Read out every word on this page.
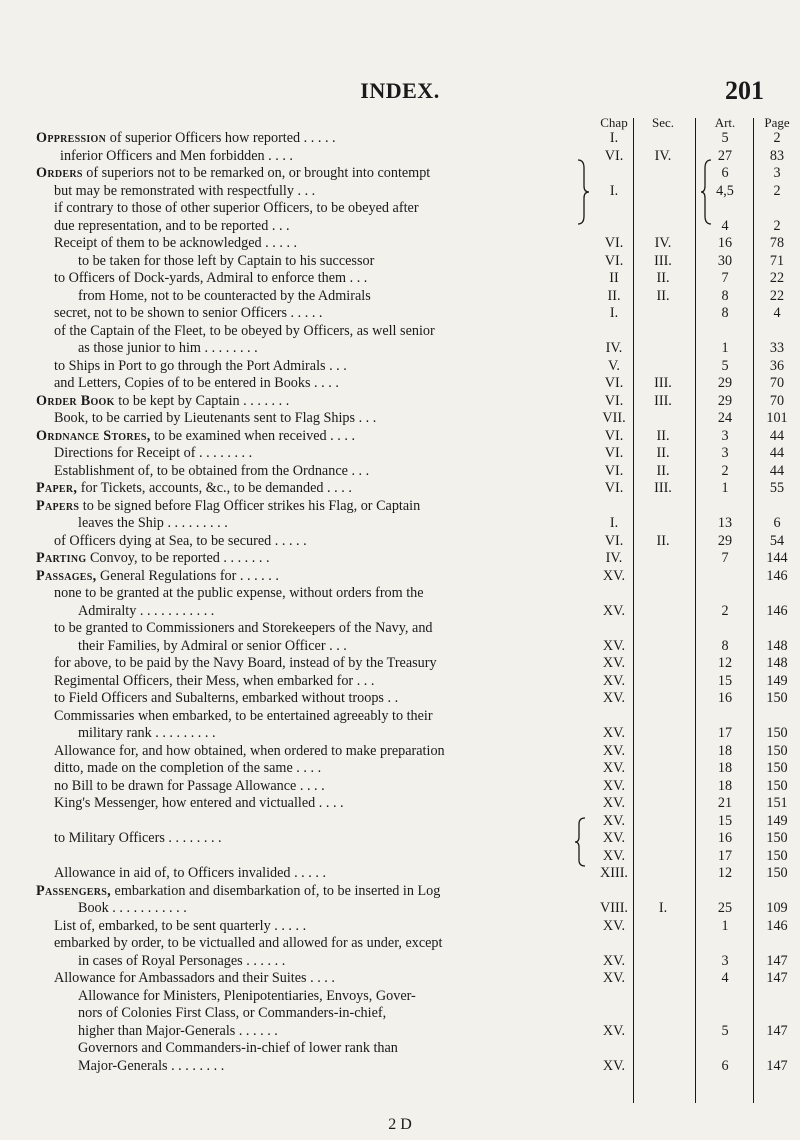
INDEX.	201
Chap	Sec.	Art.	Page
Oppression of superior Officers how reported . . . . .	I.	5	2
inferior Officers and Men forbidden . . . .	VI.	IV.	27	83
Orders of superiors not to be remarked on, or brought into contempt	6	3
but may be remonstrated with respectfully . . .	I.	4,5	2
if contrary to those of other superior Officers, to be obeyed after
due representation, and to be reported . . .	4	2
Receipt of them to be acknowledged . . . . .	VI.	IV.	16	78
to be taken for those left by Captain to his successor	VI.	III.	30	71
to Officers of Dock-yards, Admiral to enforce them . . .	II	II.	7	22
from Home, not to be counteracted by the Admirals	II.	II.	8	22
secret, not to be shown to senior Officers . . . . .	I.	8	4
of the Captain of the Fleet, to be obeyed by Officers, as well senior
as those junior to him . . . . . . . .	IV.	1	33
to Ships in Port to go through the Port Admirals . . .	V.	5	36
and Letters, Copies of to be entered in Books . . . .	VI.	III.	29	70
Order Book to be kept by Captain . . . . . . .	VI.	III.	29	70
Book, to be carried by Lieutenants sent to Flag Ships . . .	VII.	24	101
Ordnance Stores, to be examined when received . . . .	VI.	II.	3	44
Directions for Receipt of . . . . . . . .	VI.	II.	3	44
Establishment of, to be obtained from the Ordnance . . .	VI.	II.	2	44
Paper, for Tickets, accounts, &c., to be demanded . . . .	VI.	III.	1	55
Papers to be signed before Flag Officer strikes his Flag, or Captain
leaves the Ship . . . . . . . . .	I.	13	6
of Officers dying at Sea, to be secured . . . . .	VI.	II.	29	54
Parting Convoy, to be reported . . . . . . .	IV.	7	144
Passages, General Regulations for . . . . . .	XV.	146
none to be granted at the public expense, without orders from the
Admiralty . . . . . . . . . . .	XV.	2	146
to be granted to Commissioners and Storekeepers of the Navy, and
their Families, by Admiral or senior Officer . . .	XV.	8	148
for above, to be paid by the Navy Board, instead of by the Treasury	XV.	12	148
Regimental Officers, their Mess, when embarked for . . .	XV.	15	149
to Field Officers and Subalterns, embarked without troops . .	XV.	16	150
Commissaries when embarked, to be entertained agreeably to their
military rank . . . . . . . . .	XV.	17	150
Allowance for, and how obtained, when ordered to make preparation	XV.	18	150
ditto, made on the completion of the same . . . .	XV.	18	150
no Bill to be drawn for Passage Allowance . . . .	XV.	18	150
King's Messenger, how entered and victualled . . . .	XV.	21	151
XV.	15	149
to Military Officers . . . . . . . .	XV.	16	150
XV.	17	150
Allowance in aid of, to Officers invalided . . . . .	XIII.	12	150
Passengers, embarkation and disembarkation of, to be inserted in Log
Book . . . . . . . . . . .	VIII.	I.	25	109
List of, embarked, to be sent quarterly . . . . .	XV.	1	146
embarked by order, to be victualled and allowed for as under, except
in cases of Royal Personages . . . . . .	XV.	3	147
Allowance for Ambassadors and their Suites . . . .	XV.	4	147
Allowance for Ministers, Plenipotentiaries, Envoys, Gover-
nors of Colonies First Class, or Commanders-in-chief,
higher than Major-Generals . . . . . .	XV.	5	147
Governors and Commanders-in-chief of lower rank than
Major-Generals . . . . . . . .	XV.	6	147
2 D
